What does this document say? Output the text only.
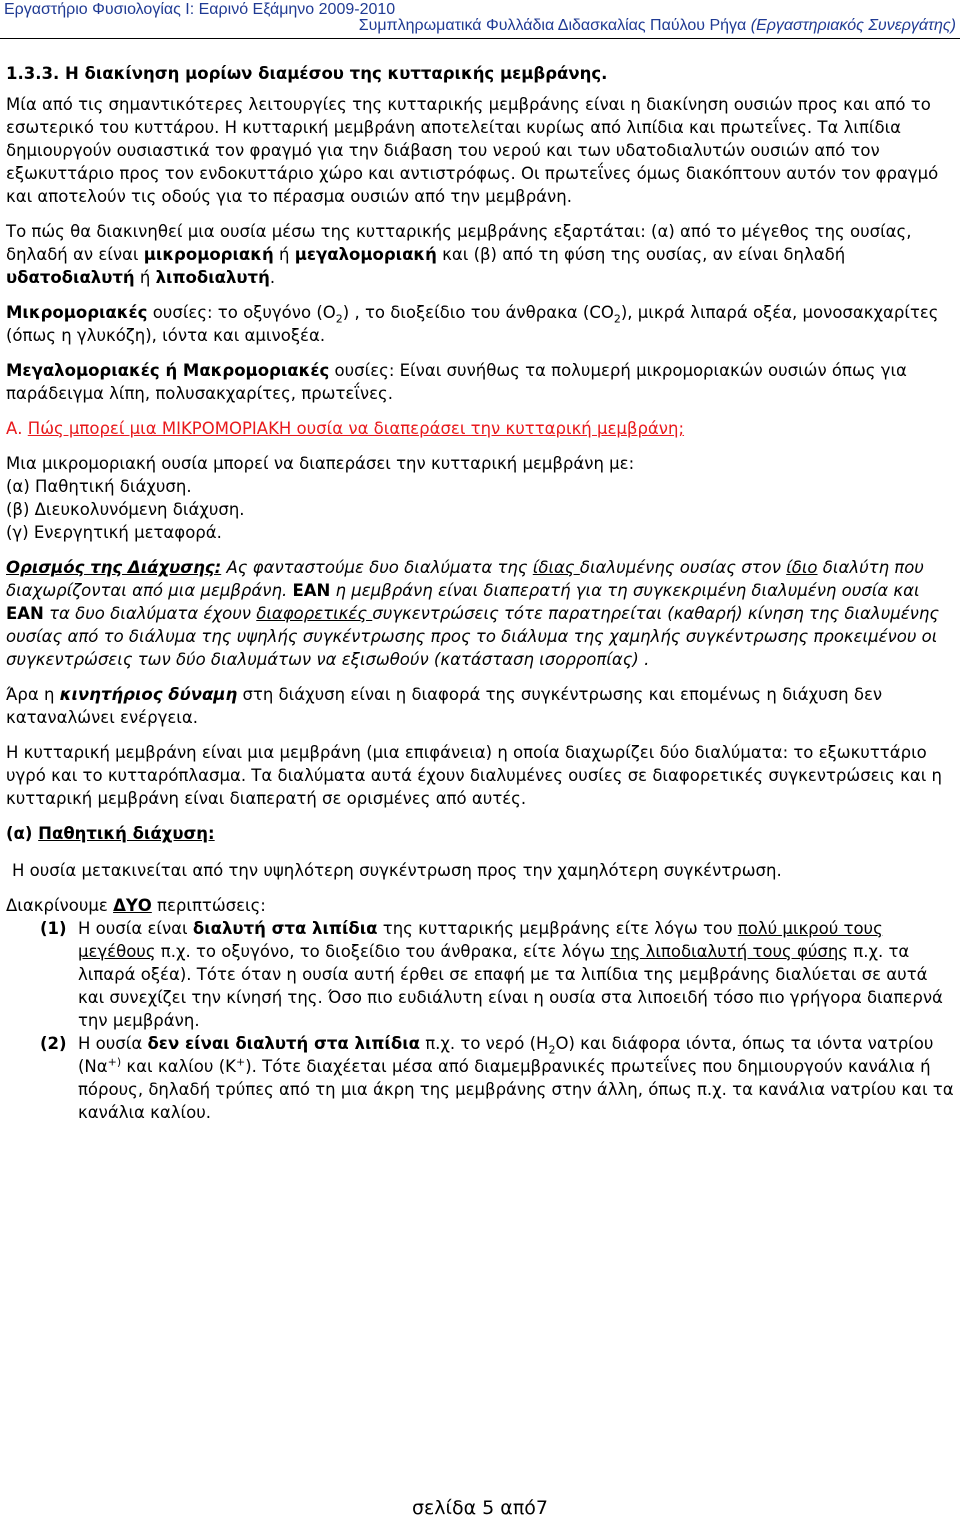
Εργαστήριο Φυσιολογίας Ι: Εαρινό Εξάμηνο 2009-2010
Συμπληρωματικά Φυλλάδια Διδασκαλίας Παύλου Ρήγα (Εργαστηριακός Συνεργάτης)

1.3.3. Η διακίνηση μορίων διαμέσου της κυτταρικής μεμβράνης.

Μία από τις σημαντικότερες λειτουργίες της κυτταρικής μεμβράνης είναι η διακίνηση ουσιών προς και από το εσωτερικό του κυττάρου. Η κυτταρική μεμβράνη αποτελείται κυρίως από λιπίδια και πρωτεΐνες. Τα λιπίδια δημιουργούν ουσιαστικά τον φραγμό για την διάβαση του νερού και των υδατοδιαλυτών ουσιών από τον εξωκυττάριο προς τον ενδοκυττάριο χώρο και αντιστρόφως. Οι πρωτεΐνες όμως διακόπτουν αυτόν τον φραγμό και αποτελούν τις οδούς για το πέρασμα ουσιών από την μεμβράνη.

Το πώς θα διακινηθεί μια ουσία μέσω της κυτταρικής μεμβράνης εξαρτάται: (α) από το μέγεθος της ουσίας, δηλαδή αν είναι μικρομοριακή ή μεγαλομοριακή και (β) από τη φύση της ουσίας, αν είναι δηλαδή υδατοδιαλυτή ή λιποδιαλυτή.

Μικρομοριακές ουσίες: το οξυγόνο $(O_2)$ , το διοξείδιο του άνθρακα $(CO_2)$, μικρά λιπαρά οξέα, μονοσακχαρίτες (όπως η γλυκόζη), ιόντα και αμινοξέα.

Μεγαλομοριακές ή Μακρομοριακές ουσίες: Είναι συνήθως τα πολυμερή μικρομοριακών ουσιών όπως για παράδειγμα λίπη, πολυσακχαρίτες, πρωτεΐνες.

Α. Πώς μπορεί μια ΜΙΚΡΟΜΟΡΙΑΚΗ ουσία να διαπεράσει την κυτταρική μεμβράνη;

Μια μικρομοριακή ουσία μπορεί να διαπεράσει την κυτταρική μεμβράνη με:

(α) Παθητική διάχυση.

(β) Διευκολυνόμενη διάχυση.

(γ) Ενεργητική μεταφορά.

Ορισμός της Διάχυσης: Ας φανταστούμε δυο διαλύματα της ίδιας διαλυμένης ουσίας στον ίδιο διαλύτη που διαχωρίζονται από μια μεμβράνη. ΕΑΝ η μεμβράνη είναι διαπερατή για τη συγκεκριμένη διαλυμένη ουσία και ΕΑΝ τα δυο διαλύματα έχουν διαφορετικές συγκεντρώσεις τότε παρατηρείται (καθαρή) κίνηση της διαλυμένης ουσίας από το διάλυμα της υψηλής συγκέντρωσης προς το διάλυμα της χαμηλής συγκέντρωσης προκειμένου οι συγκεντρώσεις των δύο διαλυμάτων να εξισωθούν (κατάσταση ισορροπίας) .

Άρα η κινητήριος δύναμη στη διάχυση είναι η διαφορά της συγκέντρωσης και επομένως η διάχυση δεν καταναλώνει ενέργεια.

Η κυτταρική μεμβράνη είναι μια μεμβράνη (μια επιφάνεια) η οποία διαχωρίζει δύο διαλύματα: το εξωκυττάριο υγρό και το κυτταρόπλασμα. Τα διαλύματα αυτά έχουν διαλυμένες ουσίες σε διαφορετικές συγκεντρώσεις και η κυτταρική μεμβράνη είναι διαπερατή σε ορισμένες από αυτές.

(α) Παθητική διάχυση:

Η ουσία μετακινείται από την υψηλότερη συγκέντρωση προς την χαμηλότερη συγκέντρωση.

Διακρίνουμε ΔΥΟ περιπτώσεις:

(1) Η ουσία είναι διαλυτή στα λιπίδια της κυτταρικής μεμβράνης είτε λόγω του πολύ μικρού τους μεγέθους π.χ. το οξυγόνο, το διοξείδιο του άνθρακα, είτε λόγω της λιποδιαλυτή τους φύσης π.χ. τα λιπαρά οξέα). Τότε όταν η ουσία αυτή έρθει σε επαφή με τα λιπίδια της μεμβράνης διαλύεται σε αυτά και συνεχίζει την κίνησή της. Όσο πιο ευδιάλυτη είναι η ουσία στα λιποειδή τόσο πιο γρήγορα διαπερνά την μεμβράνη.
(2) Η ουσία δεν είναι διαλυτή στα λιπίδια π.χ. το νερό $(H_2O)$ και διάφορα ιόντα, όπως τα ιόντα νατρίου (Να+) και καλίου (K+). Τότε διαχέεται μέσα από διαμεμβρανικές πρωτεΐνες που δημιουργούν κανάλια ή πόρους, δηλαδή τρύπες από τη μια άκρη της μεμβράνης στην άλλη, όπως π.χ. τα κανάλια νατρίου και τα κανάλια καλίου.
σελίδα 5 από7
